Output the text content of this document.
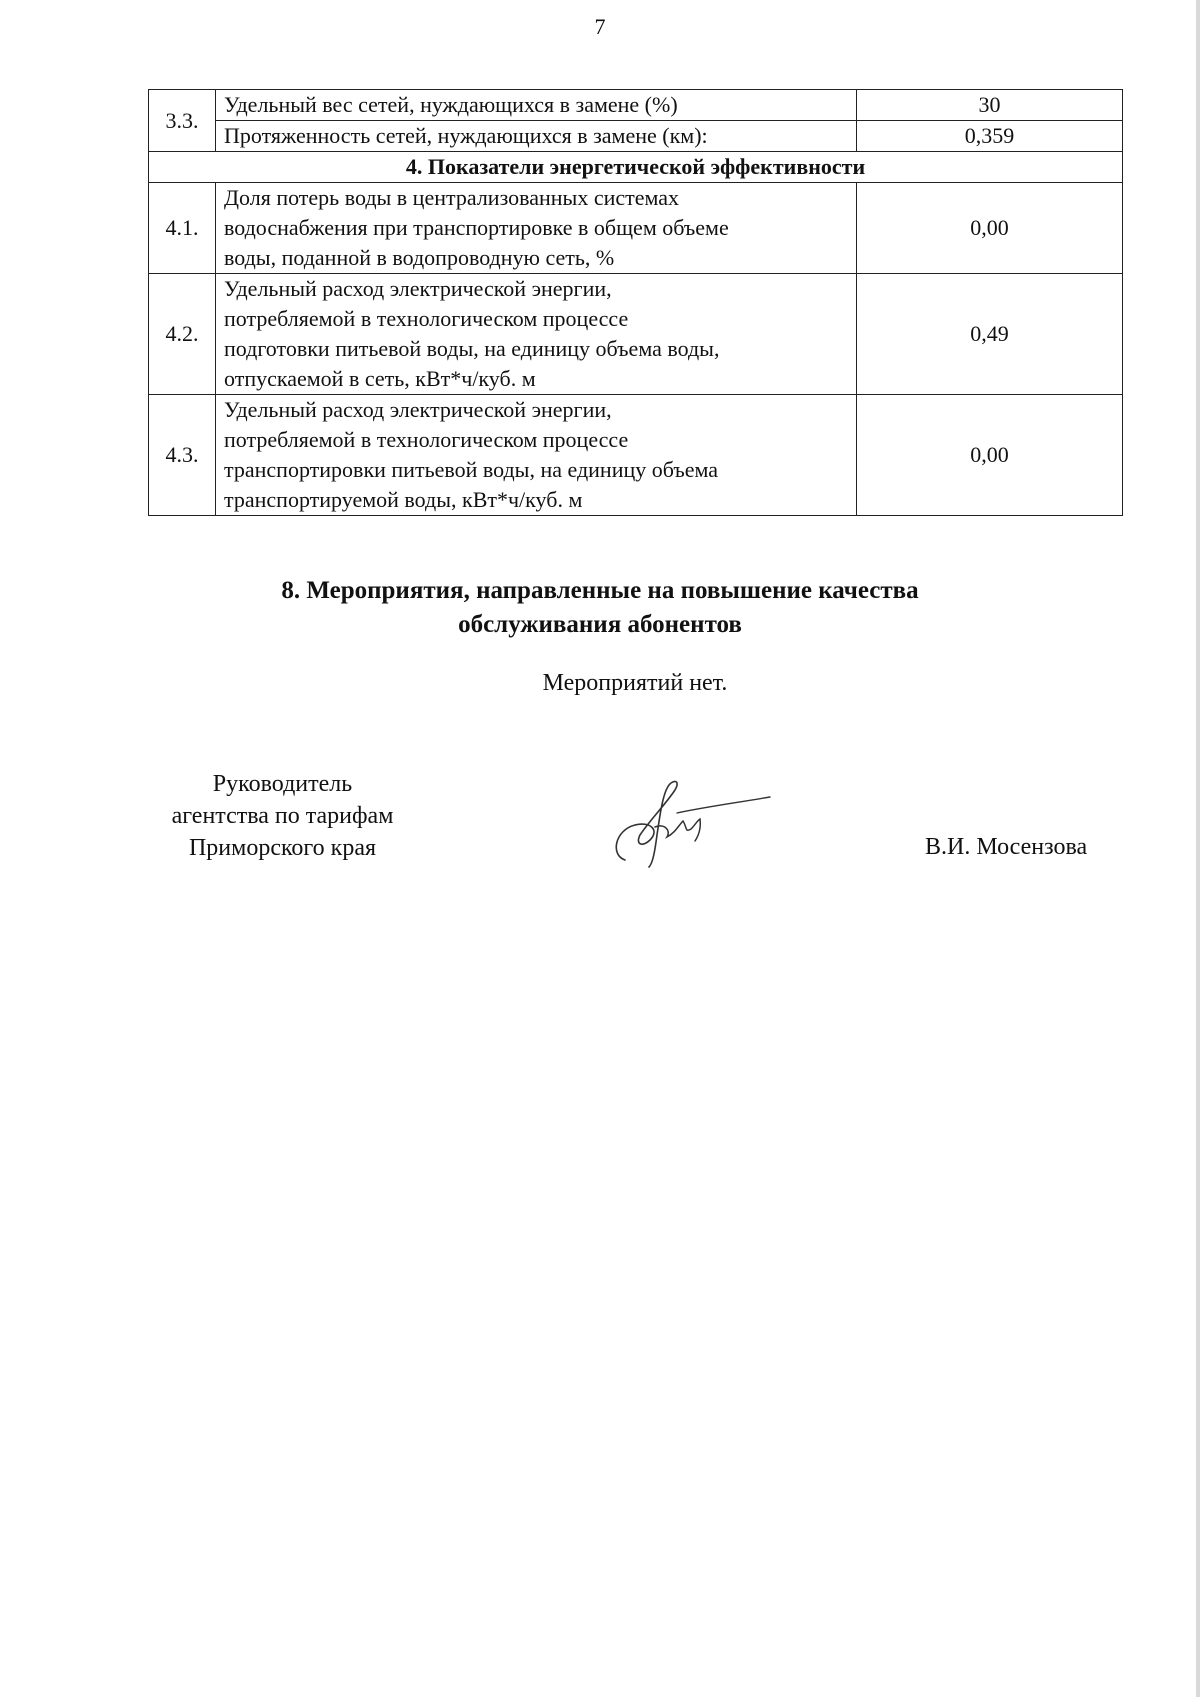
7
3.3.	Удельный вес сетей, нуждающихся в замене (%)	30
	Протяженность сетей, нуждающихся в замене (км):	0,359
4. Показатели энергетической эффективности		
4.1.	Доля потерь воды в централизованных системах
водоснабжения при транспортировке в общем объеме
воды, поданной в водопроводную сеть, %	0,00
4.2.	Удельный расход электрической энергии,
потребляемой в технологическом процессе
подготовки питьевой воды, на единицу объема воды,
отпускаемой в сеть, кВт*ч/куб. м	0,49
4.3.	Удельный расход электрической энергии,
потребляемой в технологическом процессе
транспортировки питьевой воды, на единицу объема
транспортируемой воды, кВт*ч/куб. м	0,00
8. Мероприятия, направленные на повышение качества
обслуживания абонентов
Мероприятий нет.
Руководитель
агентства по тарифам
Приморского края	В.И. Мосензова
